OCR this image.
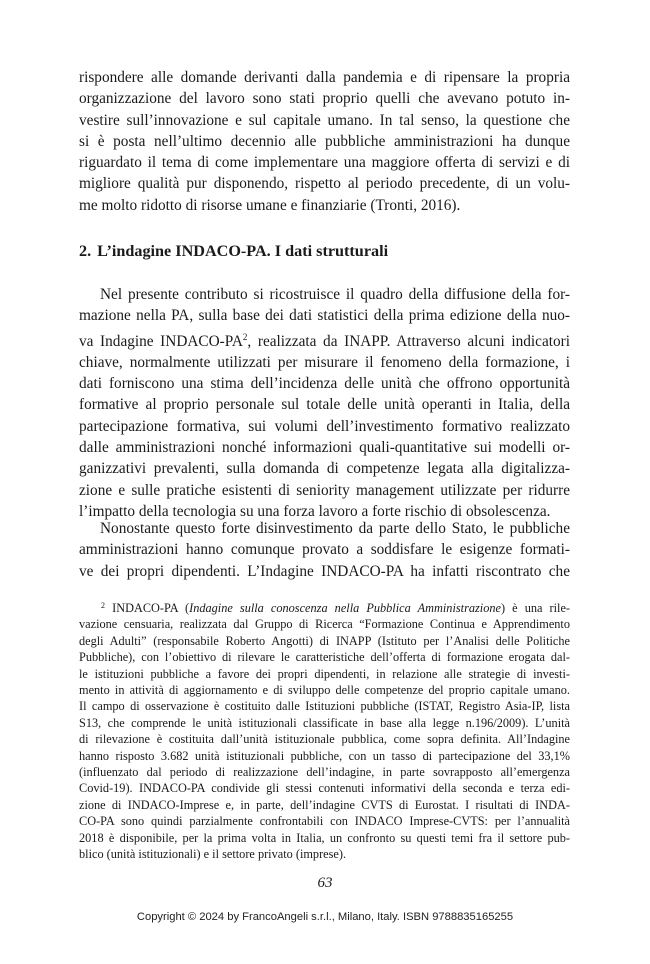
rispondere alle domande derivanti dalla pandemia e di ripensare la propria
organizzazione del lavoro sono stati proprio quelli che avevano potuto in-
vestire sull’innovazione e sul capitale umano. In tal senso, la questione che
si è posta nell’ultimo decennio alle pubbliche amministrazioni ha dunque
riguardato il tema di come implementare una maggiore offerta di servizi e di
migliore qualità pur disponendo, rispetto al periodo precedente, di un volu-
me molto ridotto di risorse umane e finanziarie (Tronti, 2016).
2. L’indagine INDACO-PA. I dati strutturali
Nel presente contributo si ricostruisce il quadro della diffusione della for-
mazione nella PA, sulla base dei dati statistici della prima edizione della nuo-
va Indagine INDACO-$PA^2$, realizzata da INAPP. Attraverso alcuni indicatori
chiave, normalmente utilizzati per misurare il fenomeno della formazione, i
dati forniscono una stima dell’incidenza delle unità che offrono opportunità
formative al proprio personale sul totale delle unità operanti in Italia, della
partecipazione formativa, sui volumi dell’investimento formativo realizzato
dalle amministrazioni nonché informazioni quali-quantitative sui modelli or-
ganizzativi prevalenti, sulla domanda di competenze legata alla digitalizza-
zione e sulle pratiche esistenti di seniority management utilizzate per ridurre
l’impatto della tecnologia su una forza lavoro a forte rischio di obsolescenza.
Nonostante questo forte disinvestimento da parte dello Stato, le pubbliche
amministrazioni hanno comunque provato a soddisfare le esigenze formati-
ve dei propri dipendenti. L’Indagine INDACO-PA ha infatti riscontrato che
$^2$ INDACO-PA (Indagine sulla conoscenza nella Pubblica Amministrazione) è una rile-
vazione censuaria, realizzata dal Gruppo di Ricerca “Formazione Continua e Apprendimento
degli Adulti” (responsabile Roberto Angotti) di INAPP (Istituto per l’Analisi delle Politiche
Pubbliche), con l’obiettivo di rilevare le caratteristiche dell’offerta di formazione erogata dal-
le istituzioni pubbliche a favore dei propri dipendenti, in relazione alle strategie di investi-
mento in attività di aggiornamento e di sviluppo delle competenze del proprio capitale umano.
Il campo di osservazione è costituito dalle Istituzioni pubbliche (ISTAT, Registro Asia-IP, lista
S13, che comprende le unità istituzionali classificate in base alla legge n.196/2009). L’unità
di rilevazione è costituita dall’unità istituzionale pubblica, come sopra definita. All’Indagine
hanno risposto 3.682 unità istituzionali pubbliche, con un tasso di partecipazione del 33,1%
(influenzato dal periodo di realizzazione dell’indagine, in parte sovrapposto all’emergenza
Covid-19). INDACO-PA condivide gli stessi contenuti informativi della seconda e terza edi-
zione di INDACO-Imprese e, in parte, dell’indagine CVTS di Eurostat. I risultati di INDA-
CO-PA sono quindi parzialmente confrontabili con INDACO Imprese-CVTS: per l’annualità
2018 è disponibile, per la prima volta in Italia, un confronto su questi temi fra il settore pub-
blico (unità istituzionali) e il settore privato (imprese).
63
Copyright © 2024 by FrancoAngeli s.r.l., Milano, Italy. ISBN 9788835165255
